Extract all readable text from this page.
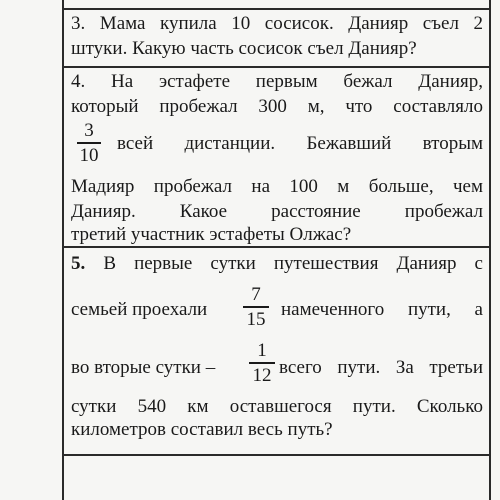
3. Мама купила 10 сосисок. Данияр съел 2
штуки. Какую часть сосисок съел Данияр?
4. На эстафете первым бежал Данияр,
который пробежал 300 м, что составляло
3
10
всей дистанции. Бежавший вторым
Мадияр пробежал на 100 м больше, чем
Данияр. Какое расстояние пробежал
третий участник эстафеты Олжас?
5. В первые сутки путешествия Данияр с
семьей проехали
7
15 намеченного пути, а
во вторые сутки –
1
12 всего пути. За третьи
сутки 540 км оставшегося пути. Сколько
километров составил весь путь?
